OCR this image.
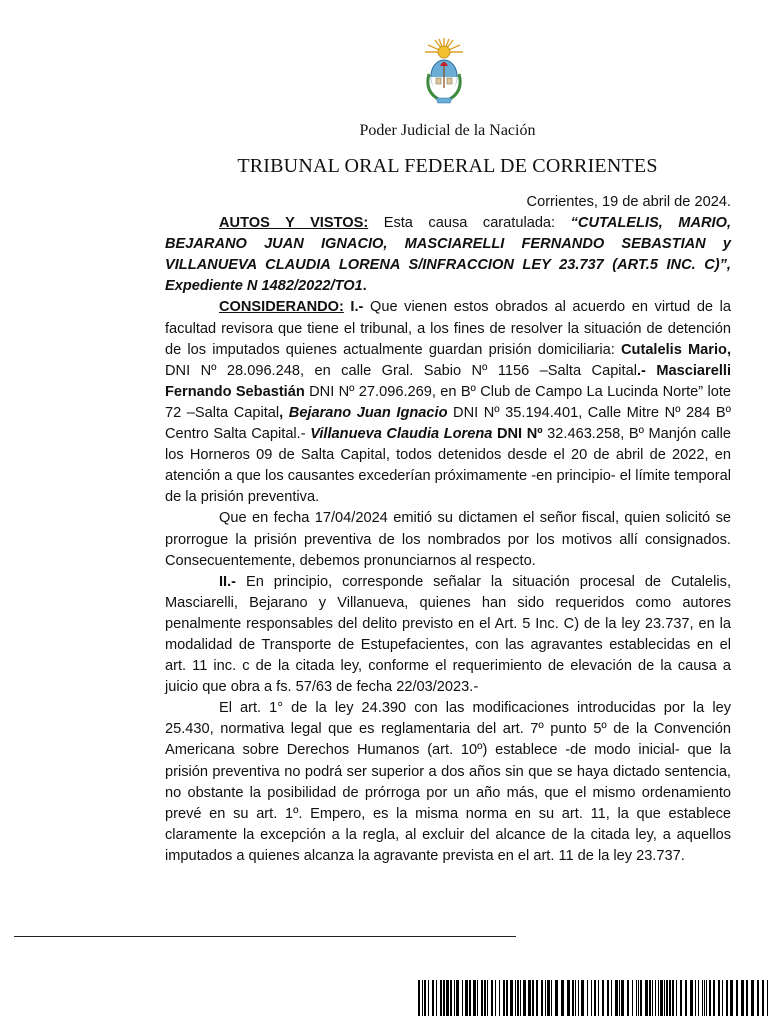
Poder Judicial de la Nación
TRIBUNAL ORAL FEDERAL DE CORRIENTES

Corrientes, 19 de abril de 2024.

AUTOS Y VISTOS: Esta causa caratulada: “CUTALELIS, MARIO, BEJARANO JUAN IGNACIO, MASCIARELLI FERNANDO SEBASTIAN y VILLANUEVA CLAUDIA LORENA S/INFRACCION LEY 23.737 (ART.5 INC. C)”, Expediente N 1482/2022/TO1.

CONSIDERANDO: I.- Que vienen estos obrados al acuerdo en virtud de la facultad revisora que tiene el tribunal, a los fines de resolver la situación de detención de los imputados quienes actualmente guardan prisión domiciliaria: Cutalelis Mario, DNI Nº 28.096.248, en calle Gral. Sabio Nº 1156 –Salta Capital.- Masciarelli Fernando Sebastián DNI Nº 27.096.269, en Bº Club de Campo La Lucinda Norte” lote 72 –Salta Capital, Bejarano Juan Ignacio DNI Nº 35.194.401, Calle Mitre Nº 284 Bº Centro Salta Capital.- Villanueva Claudia Lorena DNI Nº 32.463.258, Bº Manjón calle los Horneros 09 de Salta Capital, todos detenidos desde el 20 de abril de 2022, en atención a que los causantes excederían próximamente -en principio- el límite temporal de la prisión preventiva.

Que en fecha 17/04/2024 emitió su dictamen el señor fiscal, quien solicitó se prorrogue la prisión preventiva de los nombrados por los motivos allí consignados. Consecuentemente, debemos pronunciarnos al respecto.

II.- En principio, corresponde señalar la situación procesal de Cutalelis, Masciarelli, Bejarano y Villanueva, quienes han sido requeridos como autores penalmente responsables del delito previsto en el Art. 5 Inc. C) de la ley 23.737, en la modalidad de Transporte de Estupefacientes, con las agravantes establecidas en el art. 11 inc. c de la citada ley, conforme el requerimiento de elevación de la causa a juicio que obra a fs. 57/63 de fecha 22/03/2023.-

El art. 1° de la ley 24.390 con las modificaciones introducidas por la ley 25.430, normativa legal que es reglamentaria del art. 7º punto 5º de la Convención Americana sobre Derechos Humanos (art. 10º) establece -de modo inicial- que la prisión preventiva no podrá ser superior a dos años sin que se haya dictado sentencia, no obstante la posibilidad de prórroga por un año más, que el mismo ordenamiento prevé en su art. 1º. Empero, es la misma norma en su art. 11, la que establece claramente la excepción a la regla, al excluir del alcance de la citada ley, a aquellos imputados a quienes alcanza la agravante prevista en el art. 11 de la ley 23.737.
